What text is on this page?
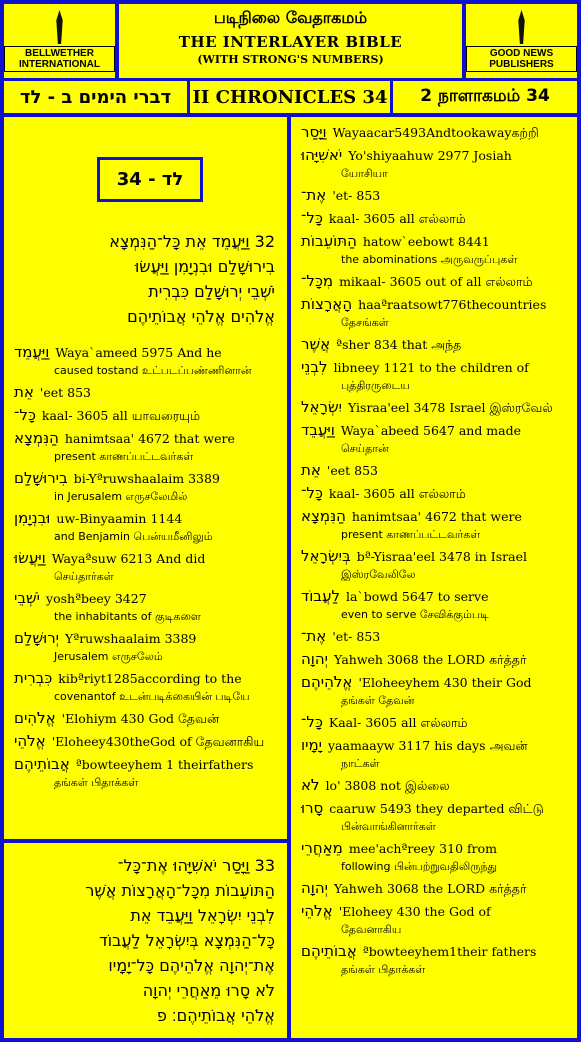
BELLWETHER INTERNATIONAL
படிநிலை வேதாகமம்
THE INTERLAYER BIBLE
(WITH STRONG'S NUMBERS)	GOOD NEWS PUBLISHERS
דברי הימים ב - לד	II CHRONICLES 34	2 நாளாகமம் 34
לד - 34
32 וַיַּעֲמֵד אֵת כָּל־הַנִּמְצָא
בִירוּשָׁלִַם וּבִנְיָמִן וַיַּעֲשׂוּ
יֹשְׁבֵי יְרוּשָׁלִַם כִּבְרִית
אֱלֹהִים אֱלֹהֵי אֲבוֹתֵיהֶם
וַיַּעֲמֵד Waya`ameed 5975 And he
caused tostand உட்படப்பண்ணினான்
אֵת 'eet 853
כָּל־ kaal- 3605 all யாவரையும்
הַנִּמְצָא hanimtsaa' 4672 that were
present காணப்பட்டவர்கள்
בִירוּשָׁלִַם bi-Yªruwshaalaim 3389
in Jerusalem எருசலேமில்
וּבִנְיָמִן uw-Binyaamin 1144
and Benjamin பென்யமீனிலும்
וַיַּעֲשׂוּ Wayaªsuw 6213 And did
செய்தார்கள்
יֹשְׁבֵי yoshªbeey 3427
the inhabitants of குடிகளை
יְרוּשָׁלִַם Yªruwshaalaim 3389
Jerusalem எருசலேம்
כִּבְרִית kibªriyt1285according to the
covenantof உடன்படிக்கையின் படியே
אֱלֹהִים 'Elohiym 430 God தேவன்
אֱלֹהֵי 'Eloheey430theGod of தேவனாகிய
אֲבוֹתֵיהֶם ªbowteeyhem 1 theirfathers
தங்கள் பிதாக்கள்
33 וַיָּסַר יֹאשִׁיָּהוּ אֶת־כָּל־
הַתּוֹעֵבוֹת מִכָּל־הָאֲרָצוֹת אֲשֶׁר
לִבְנֵי יִשְׂרָאֵל וַיַּעֲבֵד אֵת
כָּל־הַנִּמְצָא בְּיִשְׂרָאֵל לַעֲבוֹד
אֶת־יְהוָה אֱלֹהֵיהֶם כָּל־יָמָיו
לֹא סָרוּ מֵאַחֲרֵי יְהוָה
אֱלֹהֵי אֲבוֹתֵיהֶם׃ פ
וַיָּסַר Wayaacar5493Andtookawayகற்றி
יֹאשִׁיָּהוּ Yo'shiyaahuw 2977 Josiah
யோசியா
אֶת־ 'et- 853
כָּל־ kaal- 3605 all எல்லாம்
הַתּוֹעֵבוֹת hatow`eebowt 8441
the abominations அருவருப்புகள்
מִכָּל־ mikaal- 3605 out of all எல்லாம்
הָאֲרָצוֹת haaªraatsowt776thecountries
தேசங்கள்
אֲשֶׁר ªsher 834 that அந்த
לִבְנֵי libneey 1121 to the children of
புத்திரருடைய
יִשְׂרָאֵל Yisraa'eel 3478 Israel இஸ்ரவேல்
וַיַּעֲבֵד Waya`abeed 5647 and made
செய்தான்
אֵת 'eet 853
כָּל־ kaal- 3605 all எல்லாம்
הַנִּמְצָא hanimtsaa' 4672 that were
present காணப்பட்டவர்கள்
בְּיִשְׂרָאֵל bª-Yisraa'eel 3478 in Israel
இஸ்ரவேலிலே
לַעֲבוֹד la`bowd 5647 to serve
even to serve சேவிக்கும்படி
אֶת־ 'et- 853
יְהוָה Yahweh 3068 the LORD கர்த்தர்
אֱלֹהֵיהֶם 'Eloheeyhem 430 their God
தங்கள் தேவன்
כָּל־ Kaal- 3605 all எல்லாம்
יָמָיו yaamaayw 3117 his days அவன்
நாட்கள்
לֹא lo' 3808 not இல்லை
סָרוּ caaruw 5493 they departed விட்டு
பின்வாங்கினார்கள்
מֵאַחֲרֵי mee'achªreey 310 from
following பின்பற்றுவதிலிருந்து
יְהוָה Yahweh 3068 the LORD கர்த்தர்
אֱלֹהֵי 'Eloheey 430 the God of
தேவனாகிய
אֲבוֹתֵיהֶם ªbowteeyhem1their fathers
தங்கள் பிதாக்கள்
